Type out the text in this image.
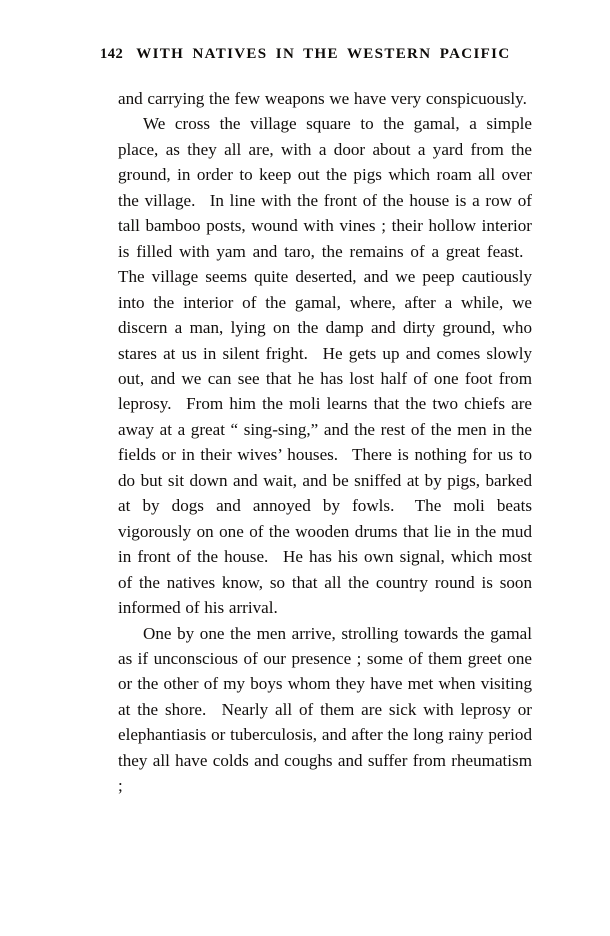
142 WITH NATIVES IN THE WESTERN PACIFIC

and carrying the few weapons we have very conspicuously.

We cross the village square to the gamal, a simple place, as they all are, with a door about a yard from the ground, in order to keep out the pigs which roam all over the village.  In line with the front of the house is a row of tall bamboo posts, wound with vines ; their hollow interior is filled with yam and taro, the remains of a great feast.  The village seems quite deserted, and we peep cautiously into the interior of the gamal, where, after a while, we discern a man, lying on the damp and dirty ground, who stares at us in silent fright.  He gets up and comes slowly out, and we can see that he has lost half of one foot from leprosy.  From him the moli learns that the two chiefs are away at a great “ sing-sing,” and the rest of the men in the fields or in their wives’ houses.  There is nothing for us to do but sit down and wait, and be sniffed at by pigs, barked at by dogs and annoyed by fowls.  The moli beats vigorously on one of the wooden drums that lie in the mud in front of the house.  He has his own signal, which most of the natives know, so that all the country round is soon informed of his arrival.

One by one the men arrive, strolling towards the gamal as if unconscious of our presence ; some of them greet one or the other of my boys whom they have met when visiting at the shore.  Nearly all of them are sick with leprosy or elephantiasis or tuberculosis, and after the long rainy period they all have colds and coughs and suffer from rheumatism ;
